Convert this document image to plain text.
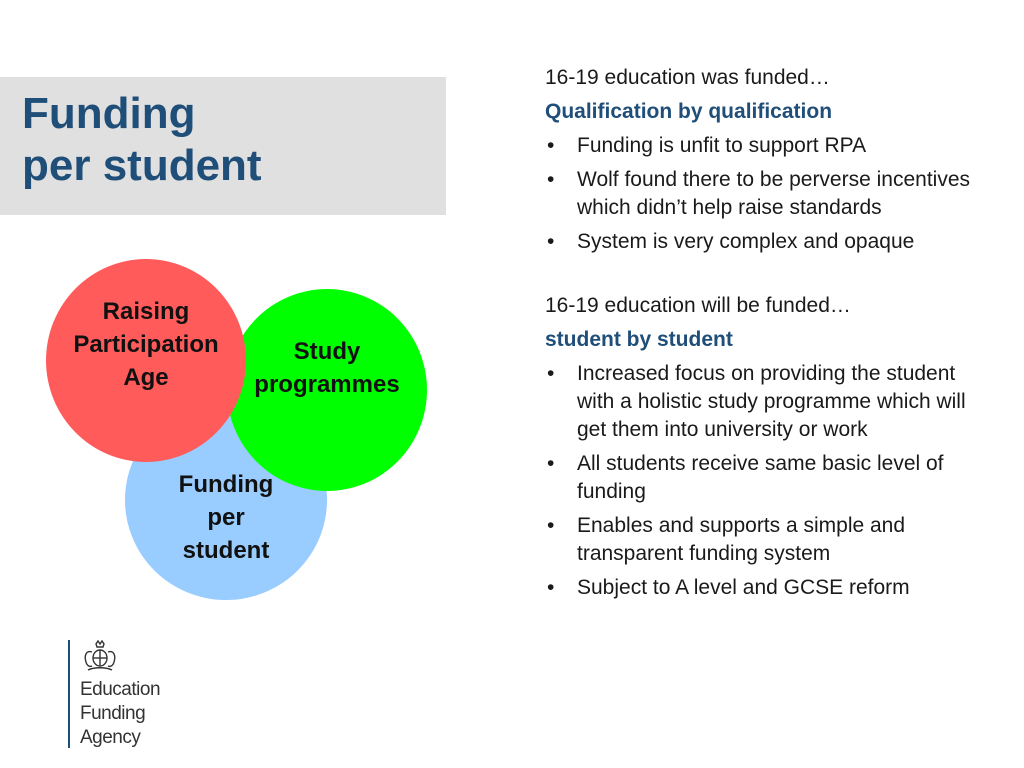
Funding
per student
Funding
per
student
Study
programmes
Raising
Participation
Age
Education
Funding
Agency

16-19 education was funded…

Qualification by qualification

• Funding is unfit to support RPA
• Wolf found there to be perverse incentives which didn’t help raise standards
• System is very complex and opaque

16-19 education will be funded…

student by student

• Increased focus on providing the student with a holistic study programme which will get them into university or work
• All students receive same basic level of funding
• Enables and supports a simple and transparent funding system
• Subject to A level and GCSE reform
